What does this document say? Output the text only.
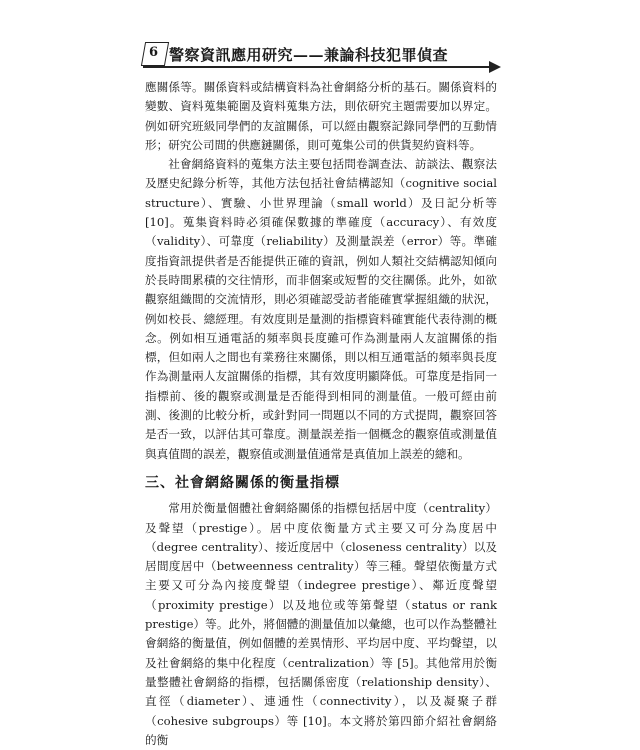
6 警察資訊應用研究——兼論科技犯罪偵查

應關係等。關係資料或結構資料為社會網絡分析的基石。關係資料的變數、資料蒐集範圍及資料蒐集方法，則依研究主題需要加以界定。例如研究班級同學們的友誼關係，可以經由觀察記錄同學們的互動情形；研究公司間的供應鏈關係，則可蒐集公司的供貨契約資料等。

社會網絡資料的蒐集方法主要包括問卷調查法、訪談法、觀察法及歷史紀錄分析等，其他方法包括社會結構認知（cognitive social structure）、實驗、小世界理論（small world）及日記分析等 [10]。蒐集資料時必須確保數據的準確度（accuracy）、有效度（validity）、可靠度（reliability）及測量誤差（error）等。準確度指資訊提供者是否能提供正確的資訊，例如人類社交結構認知傾向於長時間累積的交往情形，而非個案或短暫的交往關係。此外，如欲觀察組織間的交流情形，則必須確認受訪者能確實掌握組織的狀況，例如校長、總經理。有效度則是量測的指標資料確實能代表待測的概念。例如相互通電話的頻率與長度雖可作為測量兩人友誼關係的指標，但如兩人之間也有業務往來關係，則以相互通電話的頻率與長度作為測量兩人友誼關係的指標，其有效度明顯降低。可靠度是指同一指標前、後的觀察或測量是否能得到相同的測量值。一般可經由前測、後測的比較分析，或針對同一問題以不同的方式提問，觀察回答是否一致，以評估其可靠度。測量誤差指一個概念的觀察值或測量值與真值間的誤差，觀察值或測量值通常是真值加上誤差的總和。

三、社會網絡關係的衡量指標

常用於衡量個體社會網絡關係的指標包括居中度（centrality）及聲望（prestige）。居中度依衡量方式主要又可分為度居中（degree centrality）、接近度居中（closeness centrality）以及居間度居中（betweenness centrality）等三種。聲望依衡量方式主要又可分為內接度聲望（indegree prestige）、鄰近度聲望（proximity prestige）以及地位或等第聲望（status or rank prestige）等。此外，將個體的測量值加以彙總，也可以作為整體社會網絡的衡量值，例如個體的差異情形、平均居中度、平均聲望，以及社會網絡的集中化程度（centralization）等 [5]。其他常用於衡量整體社會網絡的指標，包括關係密度（relationship density）、直徑（diameter）、連通性（connectivity），以及凝聚子群（cohesive subgroups）等 [10]。本文將於第四節介紹社會網絡的衡
